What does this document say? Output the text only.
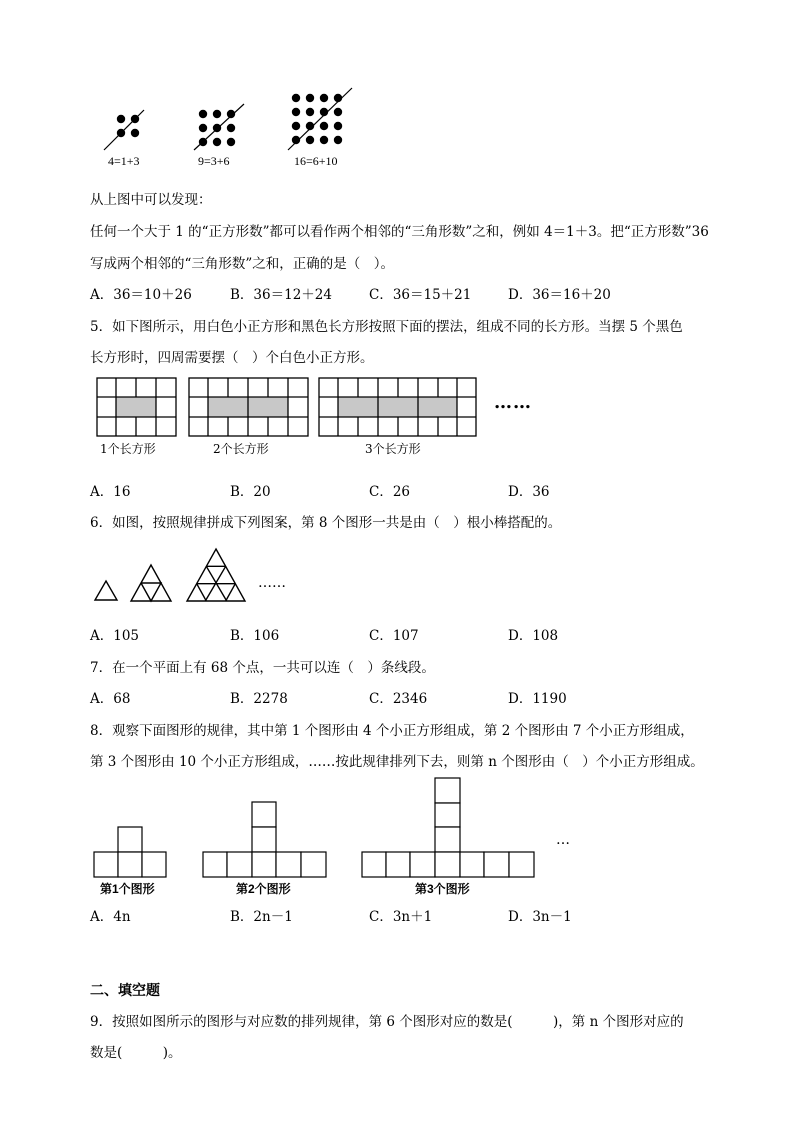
4=1+3	9=3+6	16=6+10
从上图中可以发现：
任何一个大于 1 的“正方形数”都可以看作两个相邻的“三角形数”之和，例如 4＝1＋3。把“正方形数”36
写成两个相邻的“三角形数”之和，正确的是（　）。
A．36＝10＋26	B．36＝12＋24	C．36＝15＋21	D．36＝16＋20
5．如下图所示，用白色小正方形和黑色长方形按照下面的摆法，组成不同的长方形。当摆 5 个黑色
长方形时，四周需要摆（　）个白色小正方形。
1个长方形	2个长方形	3个长方形
……
A．16	B．20	C．26	D．36
6．如图，按照规律拼成下列图案，第 8 个图形一共是由（　）根小棒搭配的。
……
A．105	B．106	C．107	D．108
7．在一个平面上有 68 个点，一共可以连（　）条线段。
A．68	B．2278	C．2346	D．1190
8．观察下面图形的规律，其中第 1 个图形由 4 个小正方形组成，第 2 个图形由 7 个小正方形组成，
第 3 个图形由 10 个小正方形组成，……按此规律排列下去，则第 n 个图形由（　）个小正方形组成。
第1个图形	第2个图形	第3个图形
…
A．4n	B．2n－1	C．3n＋1	D．3n－1
二、填空题
9．按照如图所示的图形与对应数的排列规律，第 6 个图形对应的数是(　　　)，第 n 个图形对应的
数是(　　　)。
